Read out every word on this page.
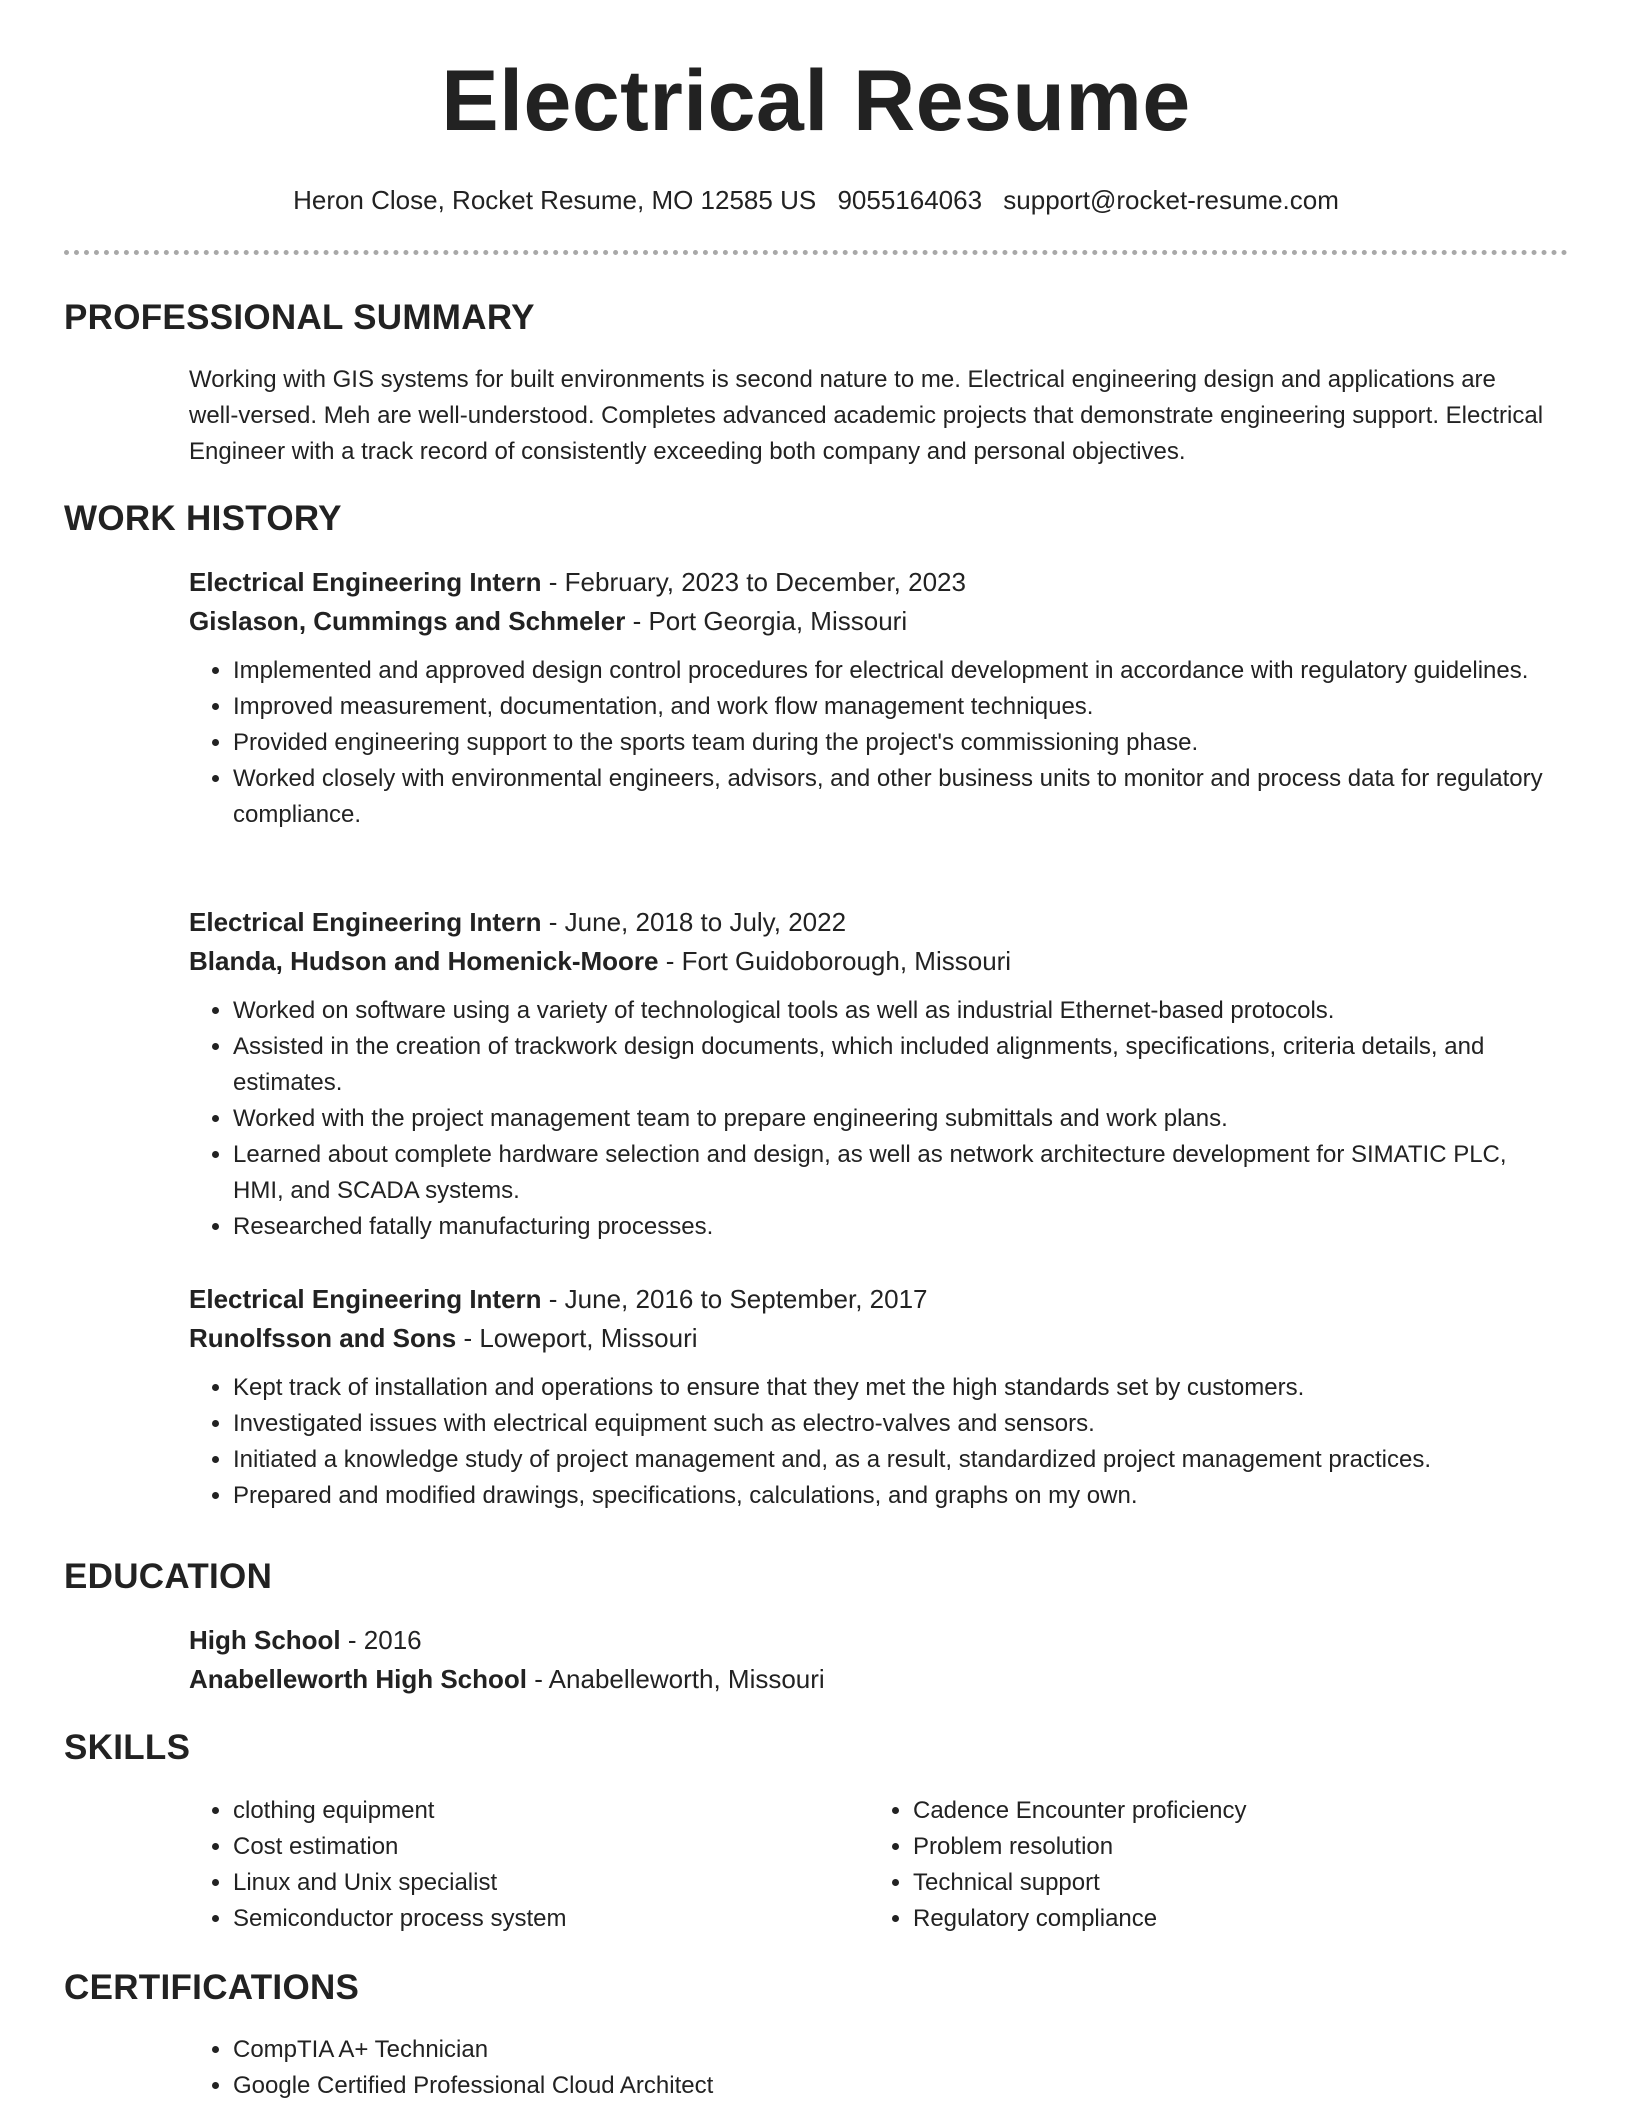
Electrical Resume
Heron Close, Rocket Resume, MO 12585 US 9055164063 support@rocket-resume.com
PROFESSIONAL SUMMARY

Working with GIS systems for built environments is second nature to me. Electrical engineering design and applications are well-versed. Meh are well-understood. Completes advanced academic projects that demonstrate engineering support. Electrical Engineer with a track record of consistently exceeding both company and personal objectives.

WORK HISTORY
Electrical Engineering Intern - February, 2023 to December, 2023
Gislason, Cummings and Schmeler - Port Georgia, Missouri
• Implemented and approved design control procedures for electrical development in accordance with regulatory guidelines.
• Improved measurement, documentation, and work flow management techniques.
• Provided engineering support to the sports team during the project's commissioning phase.
• Worked closely with environmental engineers, advisors, and other business units to monitor and process data for regulatory compliance.
Electrical Engineering Intern - June, 2018 to July, 2022
Blanda, Hudson and Homenick-Moore - Fort Guidoborough, Missouri
• Worked on software using a variety of technological tools as well as industrial Ethernet-based protocols.
• Assisted in the creation of trackwork design documents, which included alignments, specifications, criteria details, and estimates.
• Worked with the project management team to prepare engineering submittals and work plans.
• Learned about complete hardware selection and design, as well as network architecture development for SIMATIC PLC, HMI, and SCADA systems.
• Researched fatally manufacturing processes.
Electrical Engineering Intern - June, 2016 to September, 2017
Runolfsson and Sons - Loweport, Missouri
• Kept track of installation and operations to ensure that they met the high standards set by customers.
• Investigated issues with electrical equipment such as electro-valves and sensors.
• Initiated a knowledge study of project management and, as a result, standardized project management practices.
• Prepared and modified drawings, specifications, calculations, and graphs on my own.
EDUCATION
High School - 2016
Anabelleworth High School - Anabelleworth, Missouri
SKILLS
• clothing equipment
• Cost estimation
• Linux and Unix specialist
• Semiconductor process system
• Cadence Encounter proficiency
• Problem resolution
• Technical support
• Regulatory compliance
CERTIFICATIONS
• CompTIA A+ Technician
• Google Certified Professional Cloud Architect
